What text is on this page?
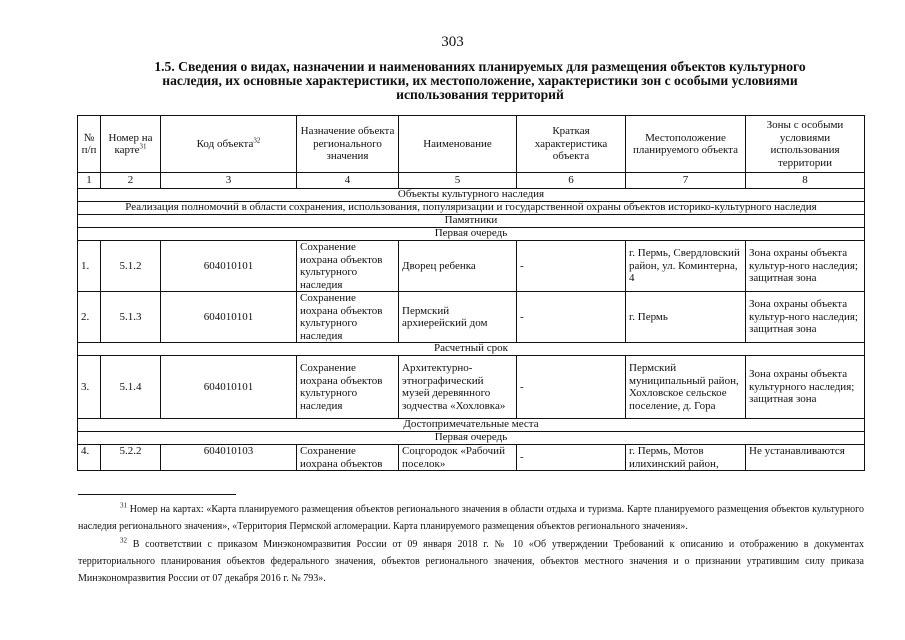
303
1.5. Сведения о видах, назначении и наименованиях планируемых для размещения объектов культурного
наследия, их основные характеристики, их местоположение, характеристики зон с особыми условиями
использования территорий
№ п/п	Номер на карте$^{31}$	Код объекта$^{32}$	Назначение объекта регионального значения	Наименование	Краткая характеристика объекта	Местоположение планируемого объекта	Зоны с особыми условиями использования территории
1	2	3	4	5	6	7	8
Объекты культурного наследия							
Реализация полномочий в области сохранения, использования, популяризации и государственной охраны объектов историко-культурного наследия							
Памятники							
Первая очередь							
1.	5.1.2	604010101	Сохранение иохрана объектов культурного наследия	Дворец ребенка	-	г. Пермь, Свердловский район, ул. Коминтерна, 4	Зона охраны объекта культур-ного наследия; защитная зона
2.	5.1.3	604010101	Сохранение иохрана объектов культурного наследия	Пермский архиерейский дом	-	г. Пермь	Зона охраны объекта культур-ного наследия; защитная зона
Расчетный срок							
3.	5.1.4	604010101	Сохранение иохрана объектов культурного наследия	Архитектурно-этнографический музей деревянного зодчества «Хохловка»	-	Пермский муниципальный район, Хохловское сельское поселение, д. Гора	Зона охраны объекта культурного наследия; защитная зона
Достопримечательные места							
Первая очередь							
4.	5.2.2	604010103	Сохранение иохрана объектов	Соцгородок «Рабочий поселок»	-	г. Пермь, Мотов илихинский район,	Не устанавливаются

$^{31}$ Номер на картах: «Карта планируемого размещения объектов регионального значения в области отдыха и туризма. Карте планируемого размещения объектов культурного наследия регионального значения», «Территория Пермской агломерации. Карта планируемого размещения объектов регионального значения».

$^{32}$ В соответствии с приказом Минэкономразвития России от 09 января 2018 г. № 10 «Об утверждении Требований к описанию и отображению в документах территориального планирования объектов федерального значения, объектов регионального значения, объектов местного значения и о признании утратившим силу приказа Минэкономразвития России от 07 декабря 2016 г. № 793».
